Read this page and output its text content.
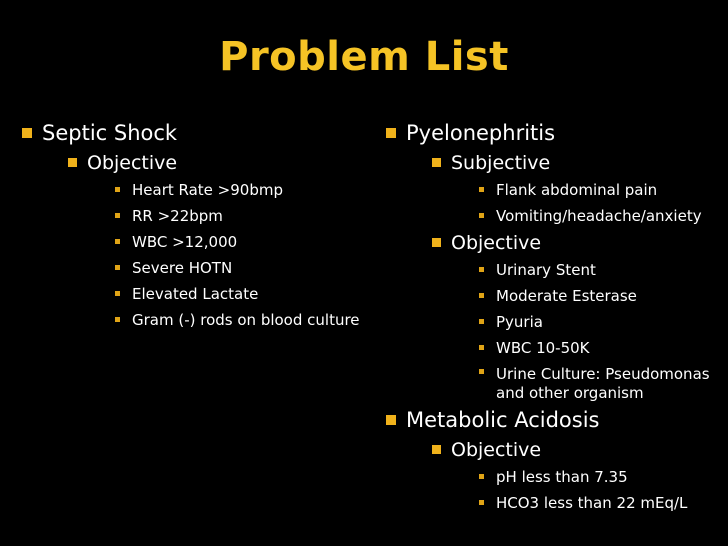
Problem List
Septic Shock
Objective
Heart Rate >90bmp
RR >22bpm
WBC >12,000
Severe HOTN
Elevated Lactate
Gram (-) rods on blood culture
Pyelonephritis
Subjective
Flank abdominal pain
Vomiting/headache/anxiety
Objective
Urinary Stent
Moderate Esterase
Pyuria
WBC 10-50K
Urine Culture: Pseudomonas and other organism
Metabolic Acidosis
Objective
pH less than 7.35
HCO3 less than 22 mEq/L
